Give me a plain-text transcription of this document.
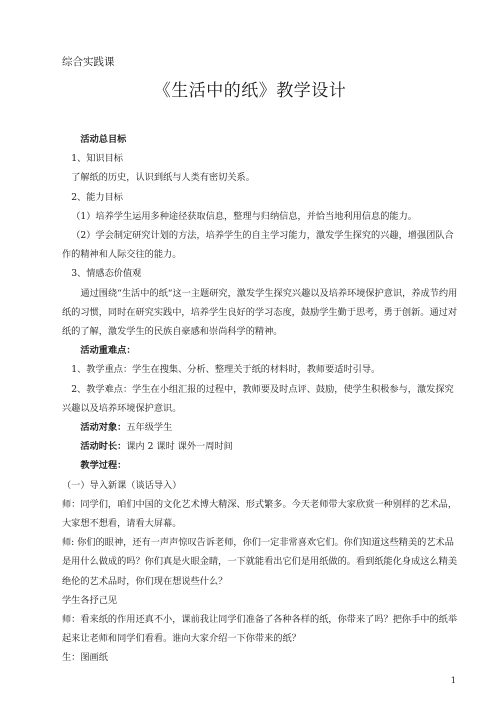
综合实践课
《生活中的纸》教学设计

活动总目标

1、知识目标

了解纸的历史，认识到纸与人类有密切关系。

2、能力目标

（1）培养学生运用多种途径获取信息，整理与归纳信息，并恰当地利用信息的能力。

（2）学会制定研究计划的方法，培养学生的自主学习能力，激发学生探究的兴趣，增强团队合作的精神和人际交往的能力。

3、情感态价值观

通过围绕“生活中的纸“这一主题研究，激发学生探究兴趣以及培养环境保护意识，养成节约用纸的习惯，同时在研究实践中，培养学生良好的学习态度，鼓励学生勤于思考，勇于创新。通过对纸的了解，激发学生的民族自豪感和崇尚科学的精神。

活动重难点：

1、教学重点：学生在搜集、分析、整理关于纸的材料时，教师要适时引导。

2、教学难点：学生在小组汇报的过程中，教师要及时点评、鼓励，使学生积极参与，激发探究兴趣以及培养环境保护意识。

活动对象：五年级学生

活动时长：课内 2 课时 课外一周时间

教学过程：

（一）导入新课（谈话导入）

师：同学们，咱们中国的文化艺术博大精深、形式繁多。今天老师带大家欣赏一种别样的艺术品，大家想不想看，请看大屏幕。

师: 你们的眼神，还有一声声惊叹告诉老师，你们一定非常喜欢它们。你们知道这些精美的艺术品是用什么做成的吗？你们真是火眼金睛，一下就能看出它们是用纸做的。看到纸能化身成这么精美绝伦的艺术品时，你们现在想说些什么？

学生各抒己见

师：看来纸的作用还真不小，课前我让同学们准备了各种各样的纸，你带来了吗？把你手中的纸举起来让老师和同学们看看。谁向大家介绍一下你带来的纸？

生：图画纸

1
